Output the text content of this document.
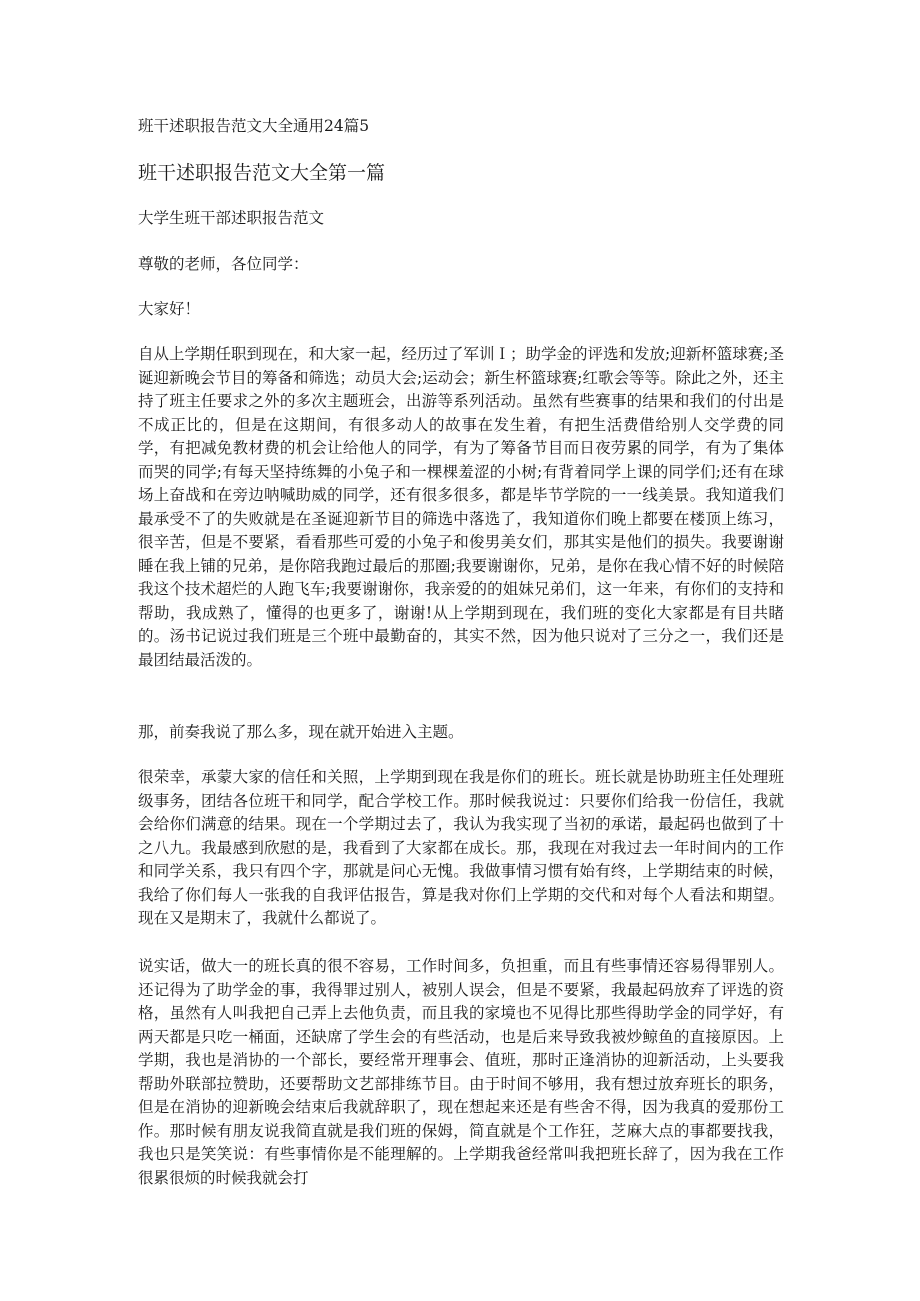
班干述职报告范文大全通用24篇5
班干述职报告范文大全第一篇
大学生班干部述职报告范文
尊敬的老师，各位同学：
大家好！

自从上学期任职到现在，和大家一起，经历过了军训Ｉ；助学金的评选和发放;迎新杯篮球赛;圣诞迎新晚会节目的筹备和筛选；动员大会;运动会；新生杯篮球赛;红歌会等等。除此之外，还主持了班主任要求之外的多次主题班会，出游等系列活动。虽然有些赛事的结果和我们的付出是不成正比的，但是在这期间，有很多动人的故事在发生着，有把生活费借给别人交学费的同学，有把减免教材费的机会让给他人的同学，有为了筹备节目而日夜劳累的同学，有为了集体而哭的同学;有每天坚持练舞的小兔子和一棵棵羞涩的小树;有背着同学上课的同学们;还有在球场上奋战和在旁边呐喊助威的同学，还有很多很多，都是毕节学院的一一线美景。我知道我们最承受不了的失败就是在圣诞迎新节目的筛选中落选了，我知道你们晚上都要在楼顶上练习，很辛苦，但是不要紧，看看那些可爱的小兔子和俊男美女们，那其实是他们的损失。我要谢谢睡在我上铺的兄弟，是你陪我跑过最后的那圈;我要谢谢你，兄弟，是你在我心情不好的时候陪我这个技术超烂的人跑飞车;我要谢谢你，我亲爱的的姐妹兄弟们，这一年来，有你们的支持和帮助，我成熟了，懂得的也更多了，谢谢!从上学期到现在，我们班的变化大家都是有目共睹的。汤书记说过我们班是三个班中最勤奋的，其实不然，因为他只说对了三分之一，我们还是最团结最活泼的。

那，前奏我说了那么多，现在就开始进入主题。

很荣幸，承蒙大家的信任和关照，上学期到现在我是你们的班长。班长就是协助班主任处理班级事务，团结各位班干和同学，配合学校工作。那时候我说过：只要你们给我一份信任，我就会给你们满意的结果。现在一个学期过去了，我认为我实现了当初的承诺，最起码也做到了十之八九。我最感到欣慰的是，我看到了大家都在成长。那，我现在对我过去一年时间内的工作和同学关系，我只有四个字，那就是问心无愧。我做事情习惯有始有终，上学期结束的时候，我给了你们每人一张我的自我评估报告，算是我对你们上学期的交代和对每个人看法和期望。现在又是期末了，我就什么都说了。

说实话，做大一的班长真的很不容易，工作时间多，负担重，而且有些事情还容易得罪别人。还记得为了助学金的事，我得罪过别人，被别人误会，但是不要紧，我最起码放弃了评选的资格，虽然有人叫我把自己弄上去他负责，而且我的家境也不见得比那些得助学金的同学好，有两天都是只吃一桶面，还缺席了学生会的有些活动，也是后来导致我被炒鲸鱼的直接原因。上学期，我也是消协的一个部长，要经常开理事会、值班，那时正逢消协的迎新活动，上头要我帮助外联部拉赞助，还要帮助文艺部排练节目。由于时间不够用，我有想过放弃班长的职务，但是在消协的迎新晚会结束后我就辞职了，现在想起来还是有些舍不得，因为我真的爱那份工作。那时候有朋友说我简直就是我们班的保姆，简直就是个工作狂，芝麻大点的事都要找我，我也只是笑笑说：有些事情你是不能理解的。上学期我爸经常叫我把班长辞了，因为我在工作很累很烦的时候我就会打
